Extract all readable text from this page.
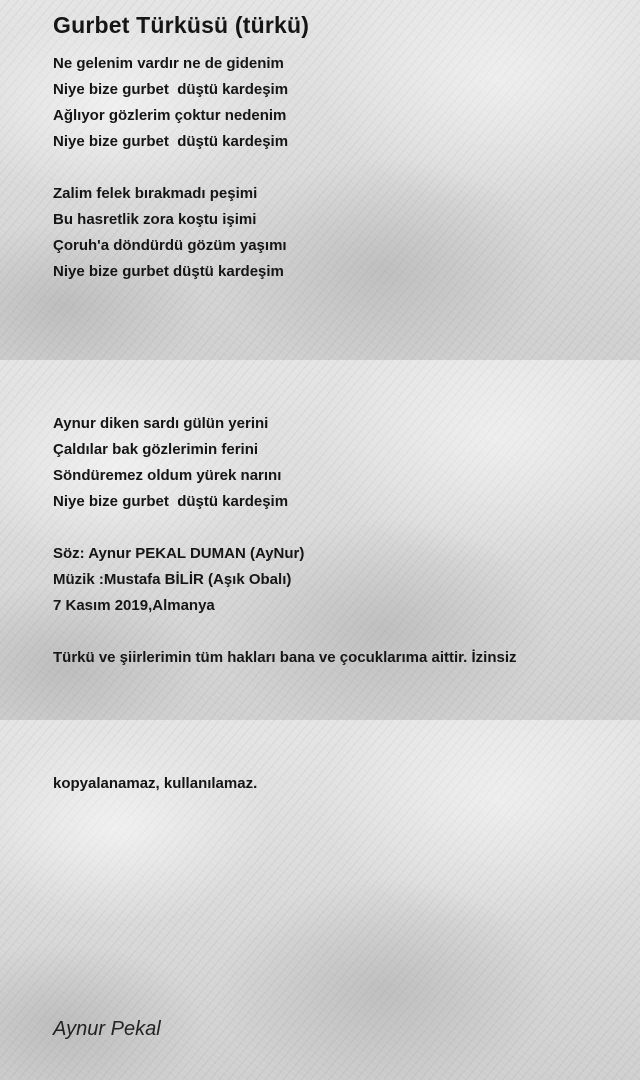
Gurbet Türküsü (türkü)
Ne gelenim vardır ne de gidenim
Niye bize gurbet  düştü kardeşim
Ağlıyor gözlerim çoktur nedenim
Niye bize gurbet  düştü kardeşim
Zalim felek bırakmadı peşimi
Bu hasretlik zora koştu işimi
Çoruh'a döndürdü gözüm yaşımı
Niye bize gurbet düştü kardeşim
Aynur diken sardı gülün yerini
Çaldılar bak gözlerimin ferini
Söndüremez oldum yürek narını
Niye bize gurbet  düştü kardeşim
Söz: Aynur PEKAL DUMAN (AyNur)
Müzik :Mustafa BİLİR (Aşık Obalı)
7 Kasım 2019,Almanya
Türkü ve şiirlerimin tüm hakları bana ve çocuklarıma aittir. İzinsiz
kopyalanamaz, kullanılamaz.
Aynur Pekal
